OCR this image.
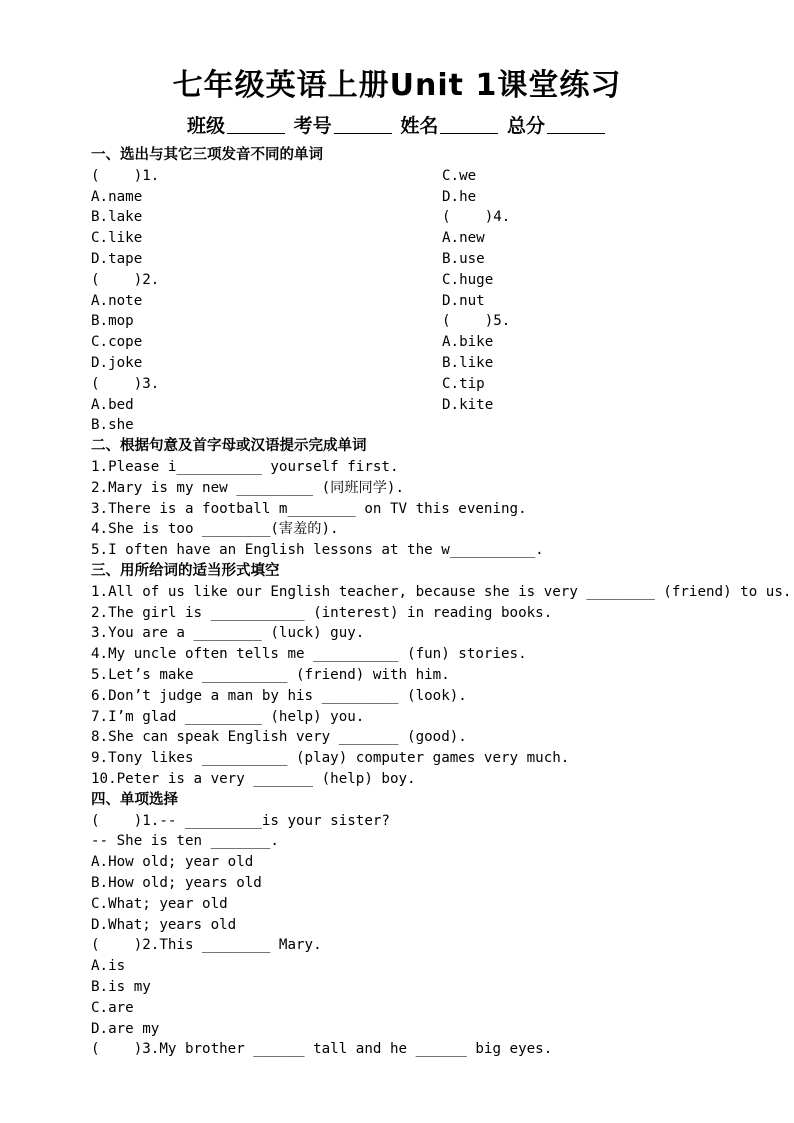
七年级英语上册Unit 1课堂练习
班级	考号	姓名	总分
一、选出与其它三项发音不同的单词
(    )1.
A.name
B.lake
C.like
D.tape
(    )2.
A.note
B.mop
C.cope
D.joke
(    )3.
A.bed
B.she
C.we
D.he
(    )4.
A.new
B.use
C.huge
D.nut
(    )5.
A.bike
B.like
C.tip
D.kite
二、根据句意及首字母或汉语提示完成单词
1.Please i__________ yourself first.
2.Mary is my new _________ (同班同学).
3.There is a football m________ on TV this evening.
4.She is too ________(害羞的).
5.I often have an English lessons at the w__________.
三、用所给词的适当形式填空
1.All of us like our English teacher, because she is very ________ (friend) to us.
2.The girl is ___________ (interest) in reading books.
3.You are a ________ (luck) guy.
4.My uncle often tells me __________ (fun) stories.
5.Let’s make __________ (friend) with him.
6.Don’t judge a man by his _________ (look).
7.I’m glad _________ (help) you.
8.She can speak English very _______ (good).
9.Tony likes __________ (play) computer games very much.
10.Peter is a very _______ (help) boy.
四、单项选择
(    )1.-- _________is your sister?
-- She is ten _______.
A.How old; year old
B.How old; years old
C.What; year old
D.What; years old
(    )2.This ________ Mary.
A.is
B.is my
C.are
D.are my
(    )3.My brother ______ tall and he ______ big eyes.
